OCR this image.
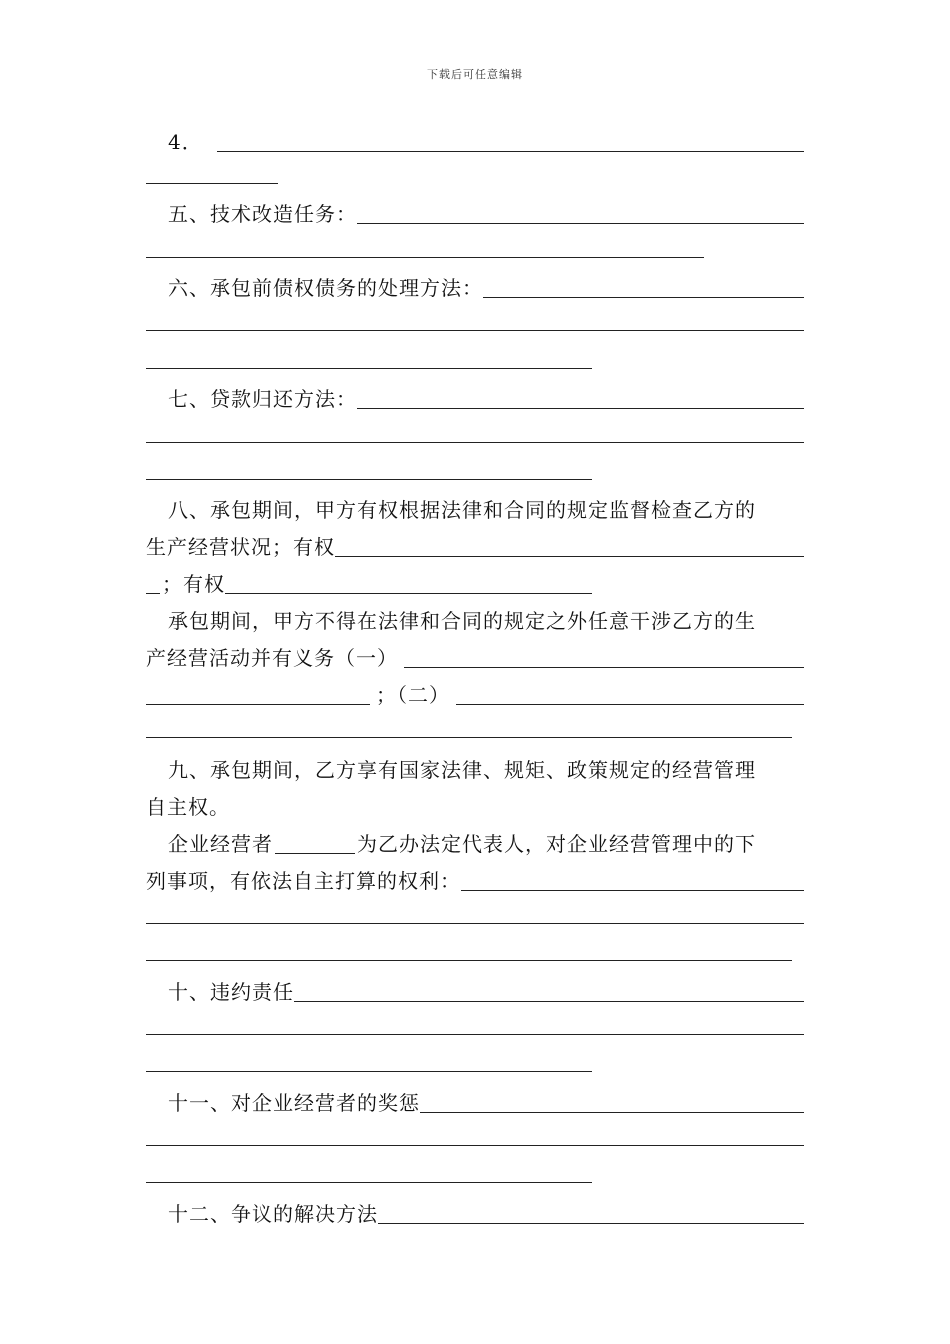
下载后可任意编辑
4．
五、技术改造任务：
六、承包前债权债务的处理方法：
七、贷款归还方法：
八、承包期间，甲方有权根据法律和合同的规定监督检查乙方的
生产经营状况；有权
；有权
承包期间，甲方不得在法律和合同的规定之外任意干涉乙方的生
产经营活动并有义务（一）
；（二）
九、承包期间，乙方享有国家法律、规矩、政策规定的经营管理
自主权。
企业经营者	为乙办法定代表人，对企业经营管理中的下
列事项，有依法自主打算的权利：
十、违约责任
十一、对企业经营者的奖惩
十二、争议的解决方法
